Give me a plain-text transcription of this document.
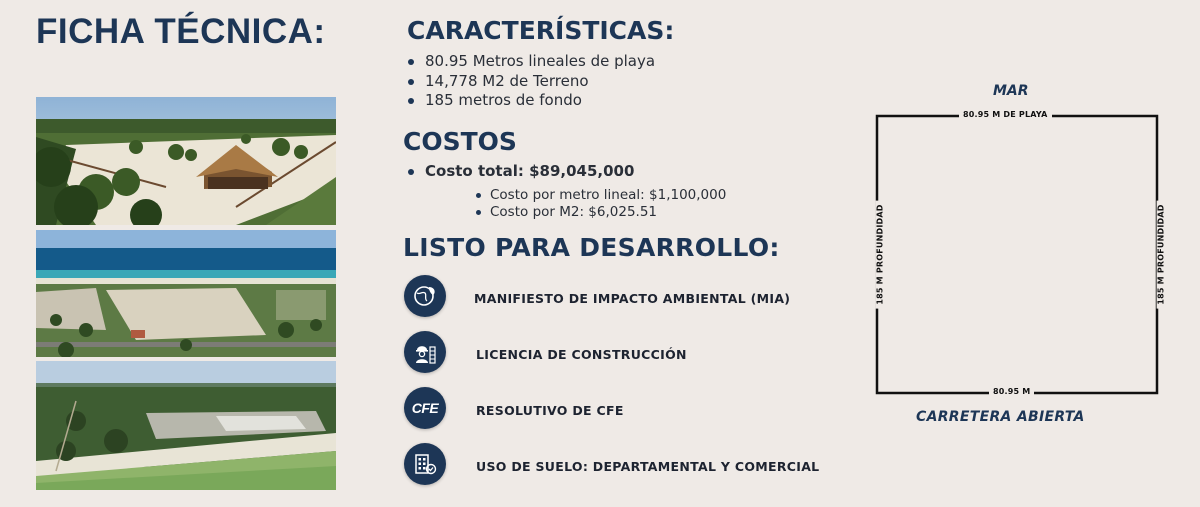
FICHA TÉCNICA:	CARACTERÍSTICAS:
80.95 Metros lineales de playa
14,778 M2 de Terreno
185 metros de fondo
COSTOS
Costo total: $89,045,000
Costo por metro lineal: $1,100,000
Costo por M2: $6,025.51
LISTO PARA DESARROLLO:
MANIFIESTO DE IMPACTO AMBIENTAL (MIA)
LICENCIA DE CONSTRUCCIÓN
CFE	RESOLUTIVO DE CFE
USO DE SUELO: DEPARTAMENTAL Y COMERCIAL
MAR
80.95 M DE PLAYA
80.95 M
185 M PROFUNDIDAD	185 M PROFUNDIDAD
CARRETERA ABIERTA
